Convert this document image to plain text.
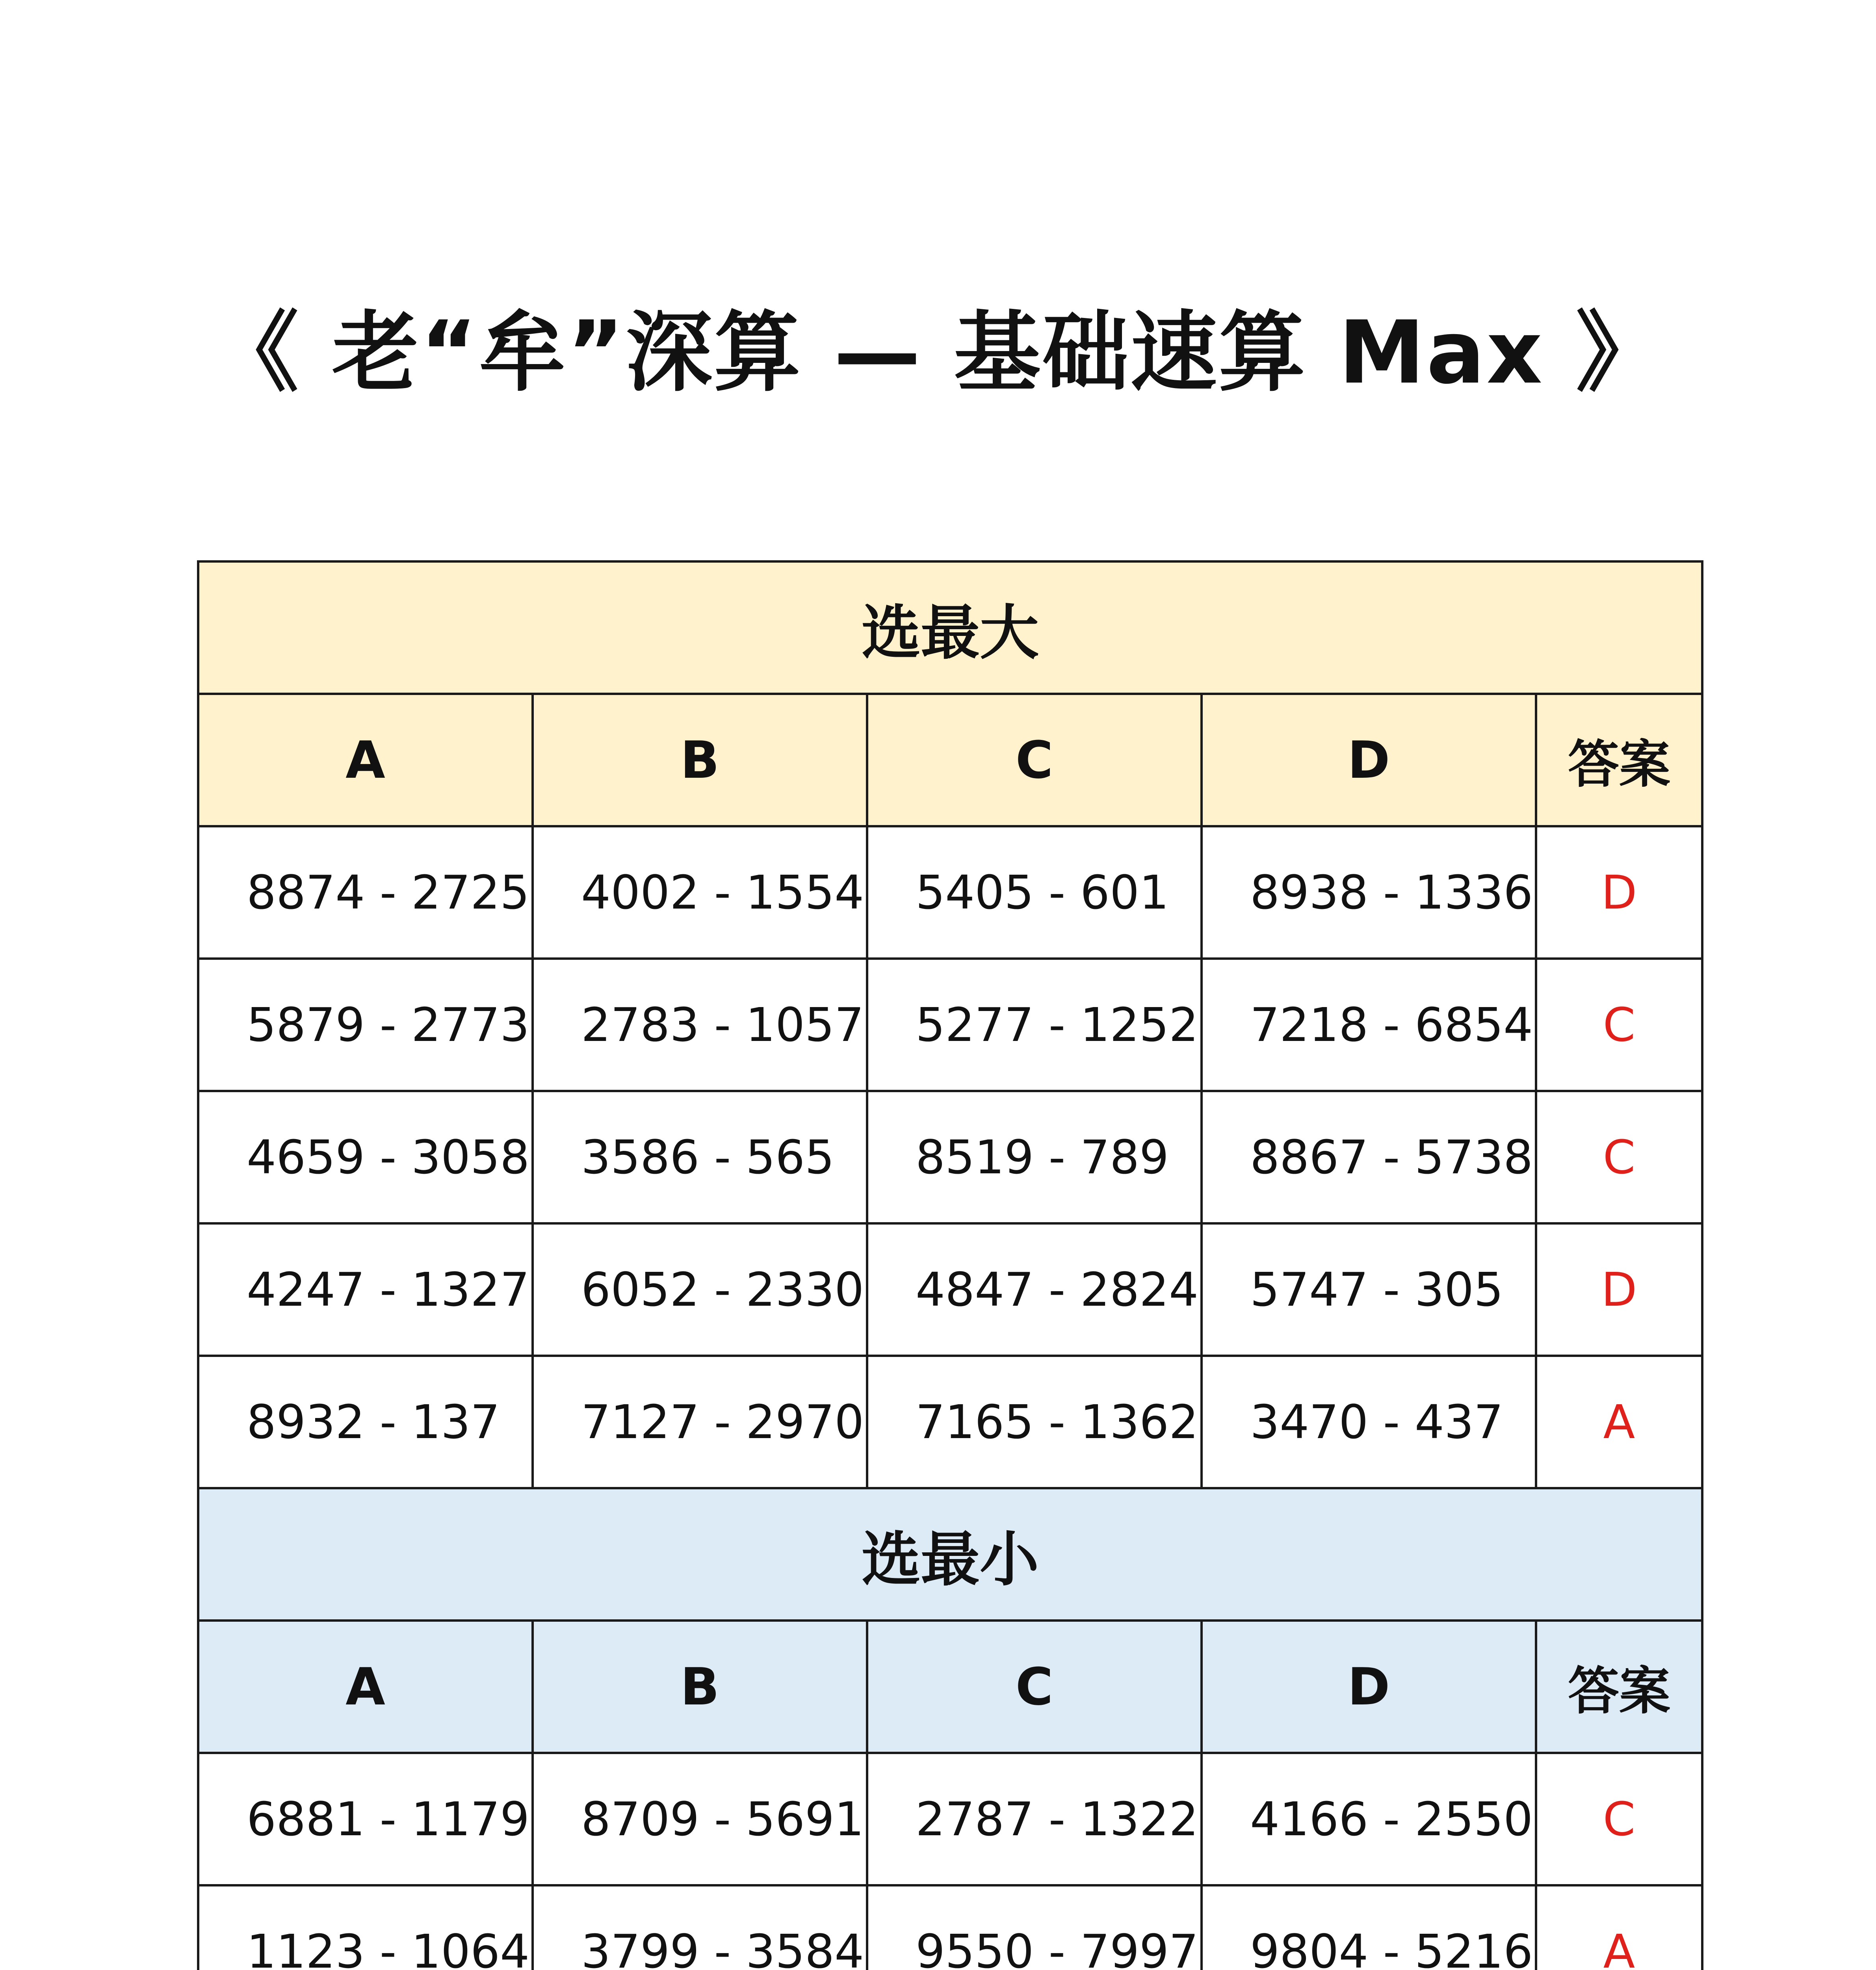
《 老“牟”深算 — 基础速算 Max 》
选最大				
A	B	C	D	答案
8874 - 2725	4002 - 1554	5405 - 601	8938 - 1336	D
5879 - 2773	2783 - 1057	5277 - 1252	7218 - 6854	C
4659 - 3058	3586 - 565	8519 - 789	8867 - 5738	C
4247 - 1327	6052 - 2330	4847 - 2824	5747 - 305	D
8932 - 137	7127 - 2970	7165 - 1362	3470 - 437	A
选最小				
A	B	C	D	答案
6881 - 1179	8709 - 5691	2787 - 1322	4166 - 2550	C
1123 - 1064	3799 - 3584	9550 - 7997	9804 - 5216	A
